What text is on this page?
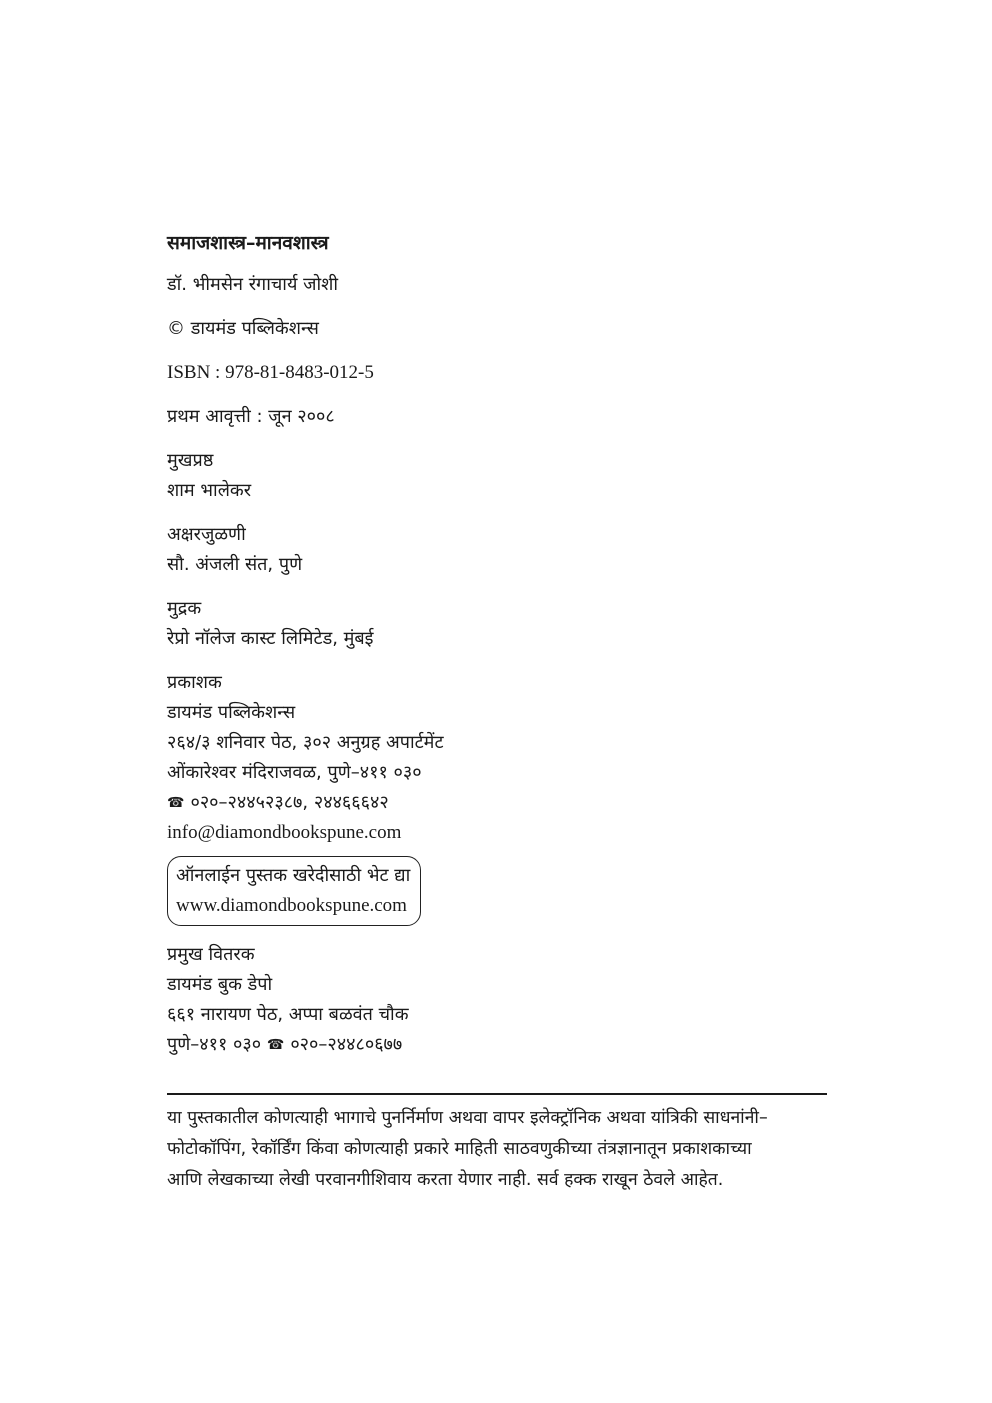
समाजशास्त्र–मानवशास्त्र
डॉ. भीमसेन रंगाचार्य जोशी
© डायमंड पब्लिकेशन्स
ISBN : 978-81-8483-012-5
प्रथम आवृत्ती : जून २००८
मुखप्रष्ठ
शाम भालेकर
अक्षरजुळणी
सौ. अंजली संत, पुणे
मुद्रक
रेप्रो नॉलेज कास्ट लिमिटेड, मुंबई
प्रकाशक
डायमंड पब्लिकेशन्स
२६४/३ शनिवार पेठ, ३०२ अनुग्रह अपार्टमेंट
ओंकारेश्वर मंदिराजवळ, पुणे–४११ ०३०
☎ ०२०–२४४५२३८७, २४४६६६४२
info@diamondbookspune.com
ऑनलाईन पुस्तक खरेदीसाठी भेट द्या
www.diamondbookspune.com
प्रमुख वितरक
डायमंड बुक डेपो
६६१ नारायण पेठ, अप्पा बळवंत चौक
पुणे–४११ ०३० ☎ ०२०–२४४८०६७७
या पुस्तकातील कोणत्याही भागाचे पुनर्निर्माण अथवा वापर इलेक्ट्रॉनिक अथवा यांत्रिकी साधनांनी–
फोटोकॉपिंग, रेकॉर्डिंग किंवा कोणत्याही प्रकारे माहिती साठवणुकीच्या तंत्रज्ञानातून प्रकाशकाच्या
आणि लेखकाच्या लेखी परवानगीशिवाय करता येणार नाही. सर्व हक्क राखून ठेवले आहेत.
